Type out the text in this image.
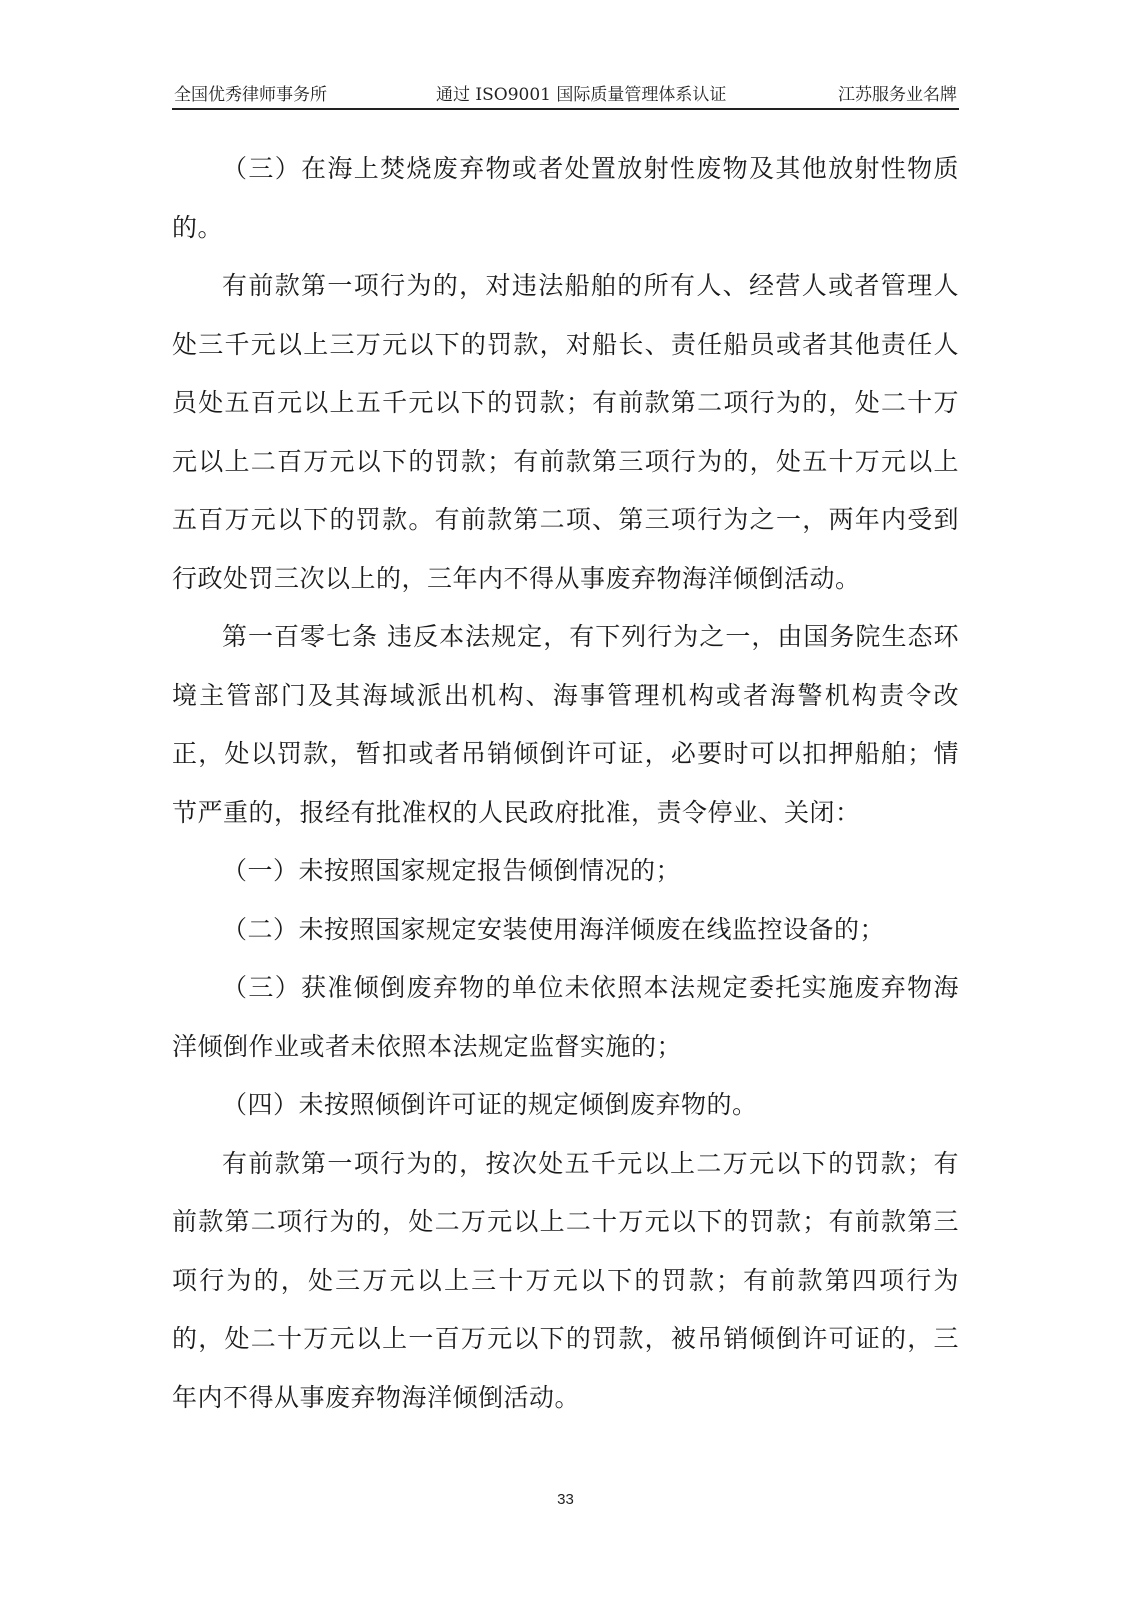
全国优秀律师事务所	通过 ISO9001 国际质量管理体系认证	江苏服务业名牌

（三）在海上焚烧废弃物或者处置放射性废物及其他放射性物质的。

有前款第一项行为的，对违法船舶的所有人、经营人或者管理人处三千元以上三万元以下的罚款，对船长、责任船员或者其他责任人员处五百元以上五千元以下的罚款；有前款第二项行为的，处二十万元以上二百万元以下的罚款；有前款第三项行为的，处五十万元以上五百万元以下的罚款。有前款第二项、第三项行为之一，两年内受到行政处罚三次以上的，三年内不得从事废弃物海洋倾倒活动。

第一百零七条 违反本法规定，有下列行为之一，由国务院生态环境主管部门及其海域派出机构、海事管理机构或者海警机构责令改正，处以罚款，暂扣或者吊销倾倒许可证，必要时可以扣押船舶；情节严重的，报经有批准权的人民政府批准，责令停业、关闭：

（一）未按照国家规定报告倾倒情况的；

（二）未按照国家规定安装使用海洋倾废在线监控设备的；

（三）获准倾倒废弃物的单位未依照本法规定委托实施废弃物海洋倾倒作业或者未依照本法规定监督实施的；

（四）未按照倾倒许可证的规定倾倒废弃物的。

有前款第一项行为的，按次处五千元以上二万元以下的罚款；有前款第二项行为的，处二万元以上二十万元以下的罚款；有前款第三项行为的，处三万元以上三十万元以下的罚款；有前款第四项行为的，处二十万元以上一百万元以下的罚款，被吊销倾倒许可证的，三年内不得从事废弃物海洋倾倒活动。

33
